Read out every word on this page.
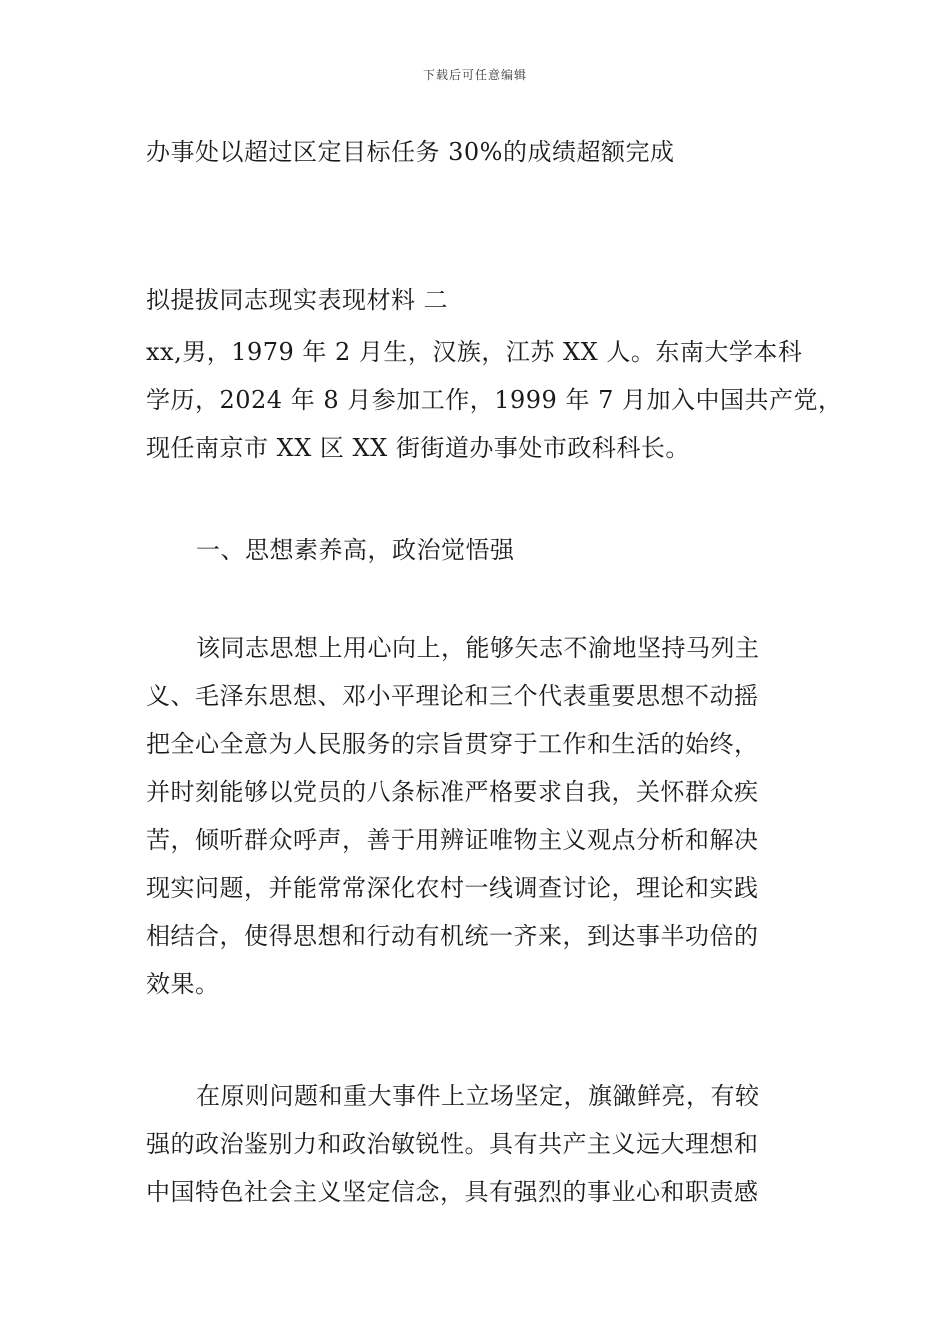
下载后可任意编辑
办事处以超过区定目标任务 30%的成绩超额完成
拟提拔同志现实表现材料 二
xx,男，1979 年 2 月生，汉族，江苏 XX 人。东南大学本科
学历，2024 年 8 月参加工作，1999 年 7 月加入中国共产党，
现任南京市 XX 区 XX 街街道办事处市政科科长。
一、思想素养高，政治觉悟强
该同志思想上用心向上，能够矢志不渝地坚持马列主
义、毛泽东思想、邓小平理论和三个代表重要思想不动摇
把全心全意为人民服务的宗旨贯穿于工作和生活的始终，
并时刻能够以党员的八条标准严格要求自我，关怀群众疾
苦，倾听群众呼声，善于用辨证唯物主义观点分析和解决
现实问题，并能常常深化农村一线调查讨论，理论和实践
相结合，使得思想和行动有机统一齐来，到达事半功倍的
效果。
在原则问题和重大事件上立场坚定，旗豃鲜亮，有较
强的政治鉴别力和政治敏锐性。具有共产主义远大理想和
中国特色社会主义坚定信念，具有强烈的事业心和职责感
